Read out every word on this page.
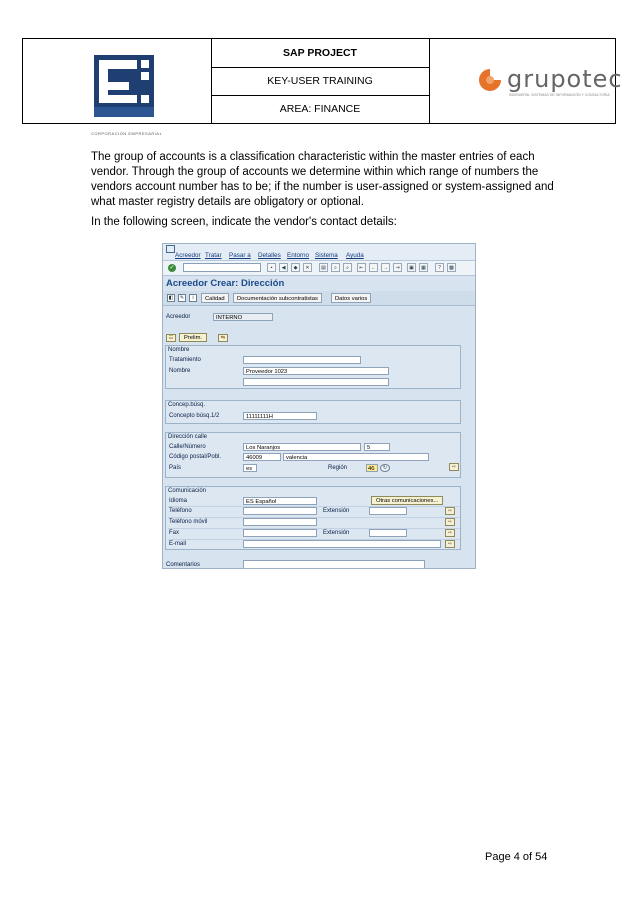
CORPORACIÓN EMPRESARIAL
SAP PROJECT
KEY-USER TRAINING
AREA: FINANCE
grupotec
INGENIERÍA, SISTEMAS DE INFORMACIÓN Y CONSULTORÍA

The group of accounts is a classification characteristic within the master entries of each vendor. Through the group of accounts we determine within which range of numbers the vendors account number has to be; if the number is user-assigned or system-assigned and what master registry details are obligatory or optional.

In the following screen, indicate the vendor's contact details:

Acreedor Tratar Pasar a Detalles Entorno Sistema Ayuda
✓	▪	◀	◆	✕	▤	⌕	⌕	⇤	←	→	⇥	▣	▦	?	▩
Acreedor Crear: Dirección
◧	✎	i	Calidad	Documentación subcontratistas	Datos varios
Acreedor	INTERNO
☷	Prelim.	⇆
Nombre
Tratamiento
Nombre	Proveedor 1023
Concep.búsq.
Concepto búsq.1/2	11111111H
Dirección calle
Calle/Número	Los Naranjos	5
Código postal/Pobl.	46009	valencia
País	es	Región	46	↻	⇨
Comunicación
Idioma	ES Español	Otras comunicaciones...
Teléfono	Extensión	⇨
Teléfono móvil	⇨
Fax	Extensión	⇨
E-mail	⇨
Comentarios
Page 4 of 54
